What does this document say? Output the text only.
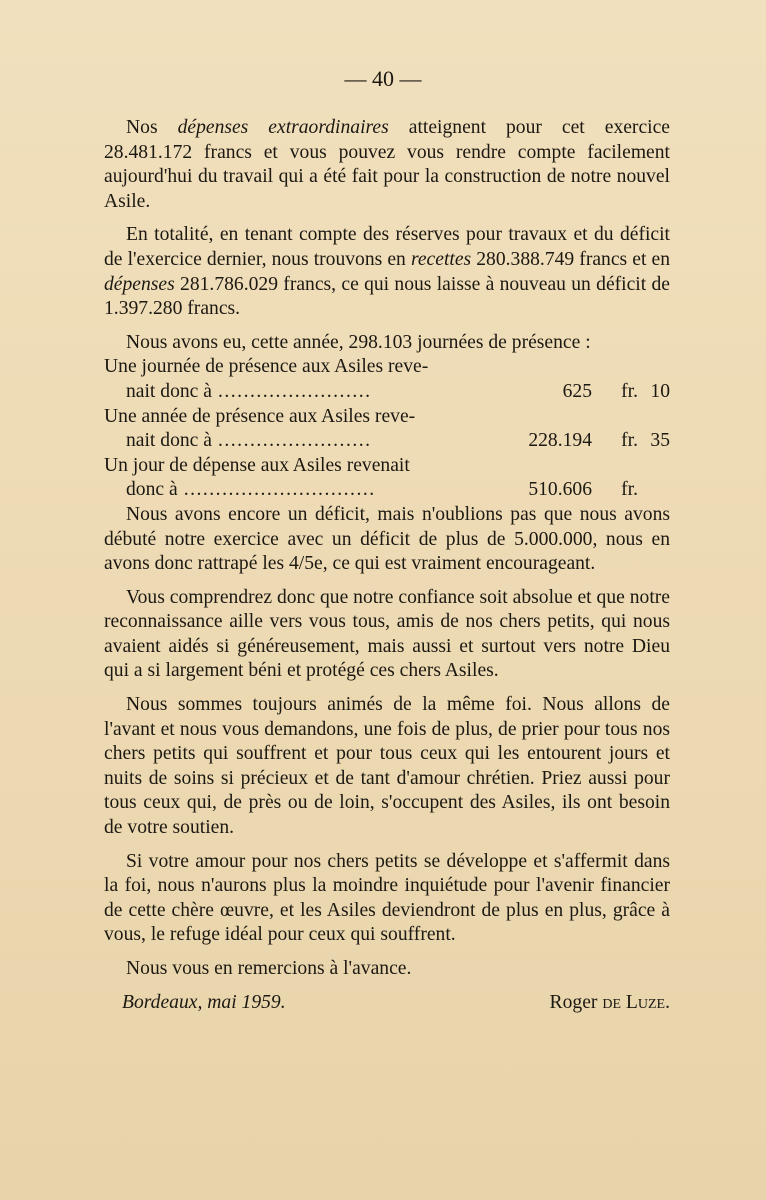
— 40 —

Nos dépenses extraordinaires atteignent pour cet exercice 28.481.172 francs et vous pouvez vous rendre compte facilement aujourd'hui du travail qui a été fait pour la construction de notre nouvel Asile.

En totalité, en tenant compte des réserves pour travaux et du déficit de l'exercice dernier, nous trouvons en recettes 280.388.749 francs et en dépenses 281.786.029 francs, ce qui nous laisse à nouveau un déficit de 1.397.280 francs.

Nous avons eu, cette année, 298.103 journées de présence :

Une journée de présence aux Asiles reve-

nait donc à ........................	625 fr. 10

Une année de présence aux Asiles reve-

nait donc à ........................	228.194 fr. 35

Un jour de dépense aux Asiles revenait

donc à ..............................	510.606 fr.

Nous avons encore un déficit, mais n'oublions pas que nous avons débuté notre exercice avec un déficit de plus de 5.000.000, nous en avons donc rattrapé les 4/5e, ce qui est vraiment encourageant.

Vous comprendrez donc que notre confiance soit absolue et que notre reconnaissance aille vers vous tous, amis de nos chers petits, qui nous avaient aidés si généreusement, mais aussi et surtout vers notre Dieu qui a si largement béni et protégé ces chers Asiles.

Nous sommes toujours animés de la même foi. Nous allons de l'avant et nous vous demandons, une fois de plus, de prier pour tous nos chers petits qui souffrent et pour tous ceux qui les entourent jours et nuits de soins si précieux et de tant d'amour chrétien. Priez aussi pour tous ceux qui, de près ou de loin, s'occupent des Asiles, ils ont besoin de votre soutien.

Si votre amour pour nos chers petits se développe et s'affermit dans la foi, nous n'aurons plus la moindre inquiétude pour l'avenir financier de cette chère œuvre, et les Asiles deviendront de plus en plus, grâce à vous, le refuge idéal pour ceux qui souffrent.

Nous vous en remercions à l'avance.

Bordeaux, mai 1959.	Roger de Luze.
